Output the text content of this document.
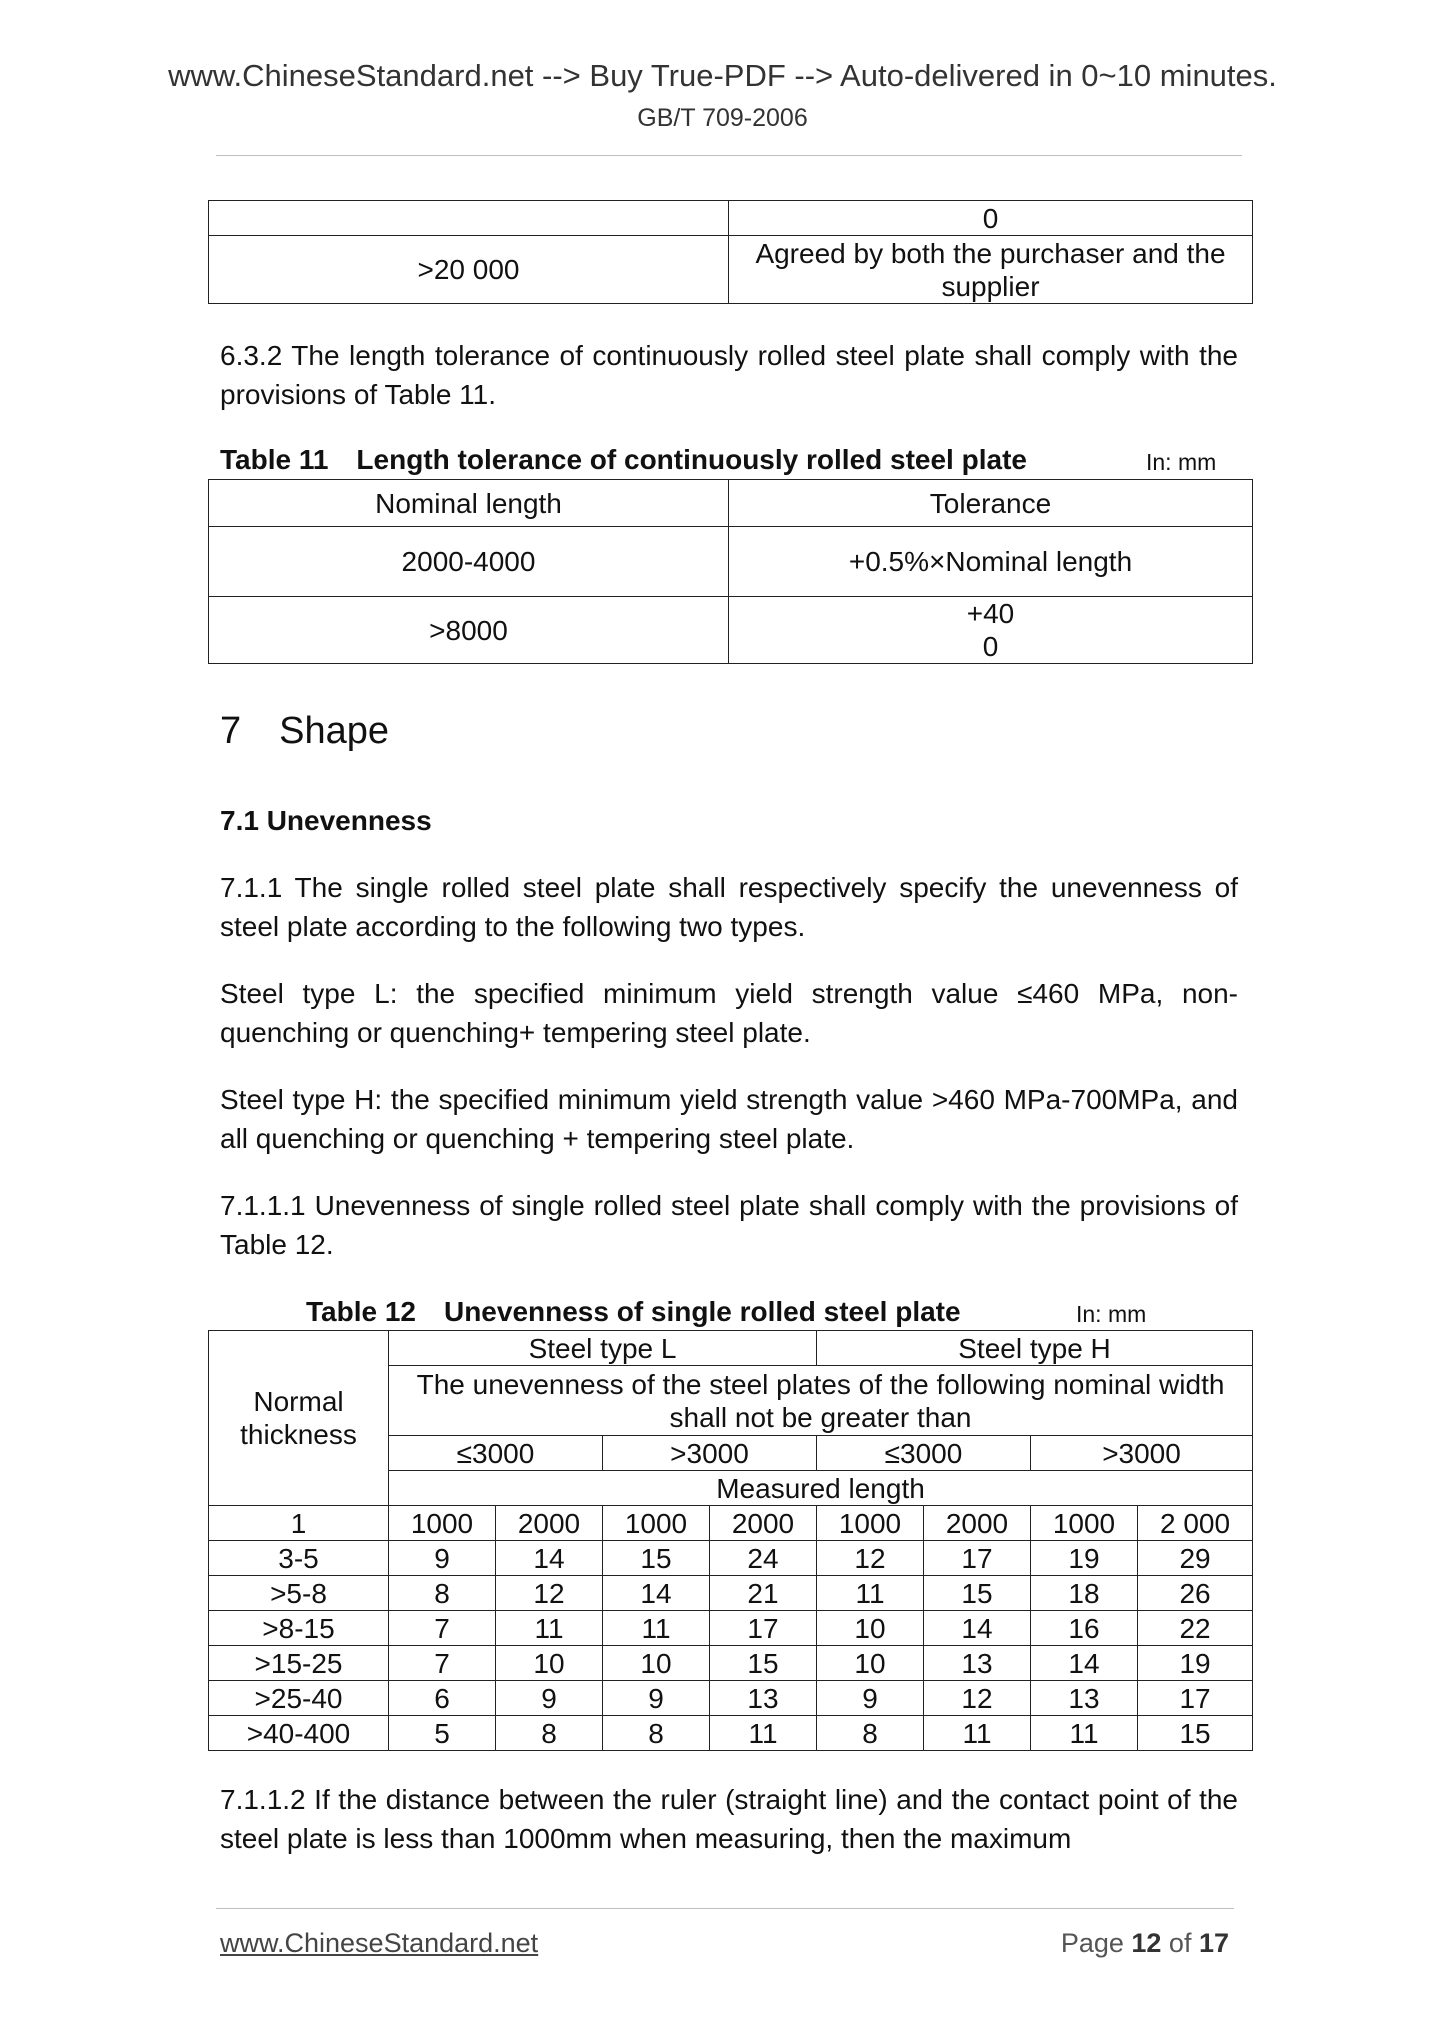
www.ChineseStandard.net --> Buy True-PDF --> Auto-delivered in 0~10 minutes.
GB/T 709-2006
	0
>20 000	Agreed by both the purchaser and the supplier

6.3.2 The length tolerance of continuously rolled steel plate shall comply with the provisions of Table 11.

Table 11 Length tolerance of continuously rolled steel plate	In: mm
Nominal length	Tolerance
2000-4000	+0.5%×Nominal length
>8000	+40
0
7 Shape
7.1 Unevenness

7.1.1 The single rolled steel plate shall respectively specify the unevenness of steel plate according to the following two types.

Steel type L: the specified minimum yield strength value ≤460 MPa, non-quenching or quenching+ tempering steel plate.

Steel type H: the specified minimum yield strength value >460 MPa-700MPa, and all quenching or quenching + tempering steel plate.

7.1.1.1 Unevenness of single rolled steel plate shall comply with the provisions of Table 12.

Table 12 Unevenness of single rolled steel plate	In: mm
Normal thickness	Steel type L				Steel type H			
	The unevenness of the steel plates of the following nominal width shall not be greater than							
	≤3000		>3000		≤3000		>3000	
	Measured length							
1	1000	2000	1000	2000	1000	2000	1000	2 000
3-5	9	14	15	24	12	17	19	29
>5-8	8	12	14	21	11	15	18	26
>8-15	7	11	11	17	10	14	16	22
>15-25	7	10	10	15	10	13	14	19
>25-40	6	9	9	13	9	12	13	17
>40-400	5	8	8	11	8	11	11	15

7.1.1.2 If the distance between the ruler (straight line) and the contact point of the steel plate is less than 1000mm when measuring, then the maximum

www.ChineseStandard.net	Page 12 of 17
